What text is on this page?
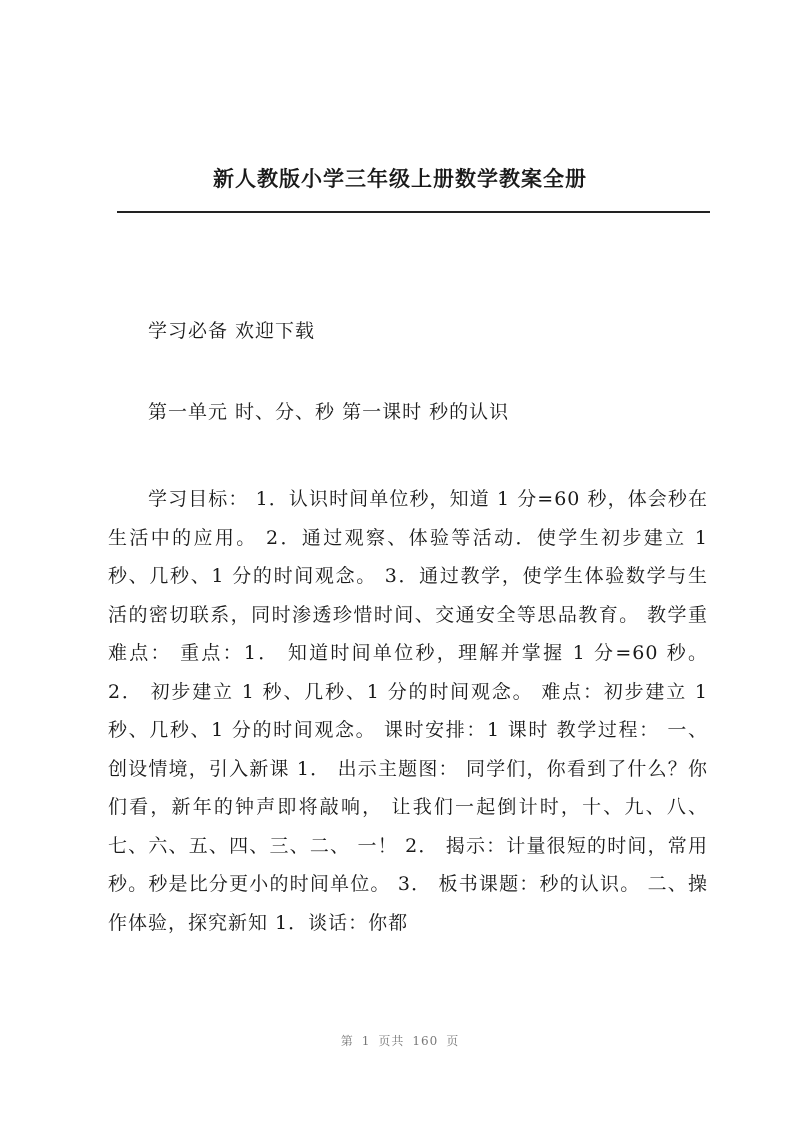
新人教版小学三年级上册数学教案全册
学习必备 欢迎下载
第一单元 时、分、秒 第一课时 秒的认识
学习目标： 1．认识时间单位秒，知道 1 分=60 秒，体会秒在生活中的应用。 2．通过观察、体验等活动．使学生初步建立 1 秒、几秒、1 分的时间观念。 3．通过教学，使学生体验数学与生活的密切联系，同时渗透珍惜时间、交通安全等思品教育。 教学重难点： 重点：1． 知道时间单位秒，理解并掌握 1 分=60 秒。 2． 初步建立 1 秒、几秒、1 分的时间观念。 难点：初步建立 1 秒、几秒、1 分的时间观念。 课时安排：1 课时 教学过程： 一、创设情境，引入新课 1． 出示主题图： 同学们，你看到了什么？你们看，新年的钟声即将敲响， 让我们一起倒计时，十、九、八、七、六、五、四、三、二、 一！ 2． 揭示：计量很短的时间，常用秒。秒是比分更小的时间单位。 3． 板书课题：秒的认识。 二、操作体验，探究新知 1．谈话：你都
第 1 页共 160 页
